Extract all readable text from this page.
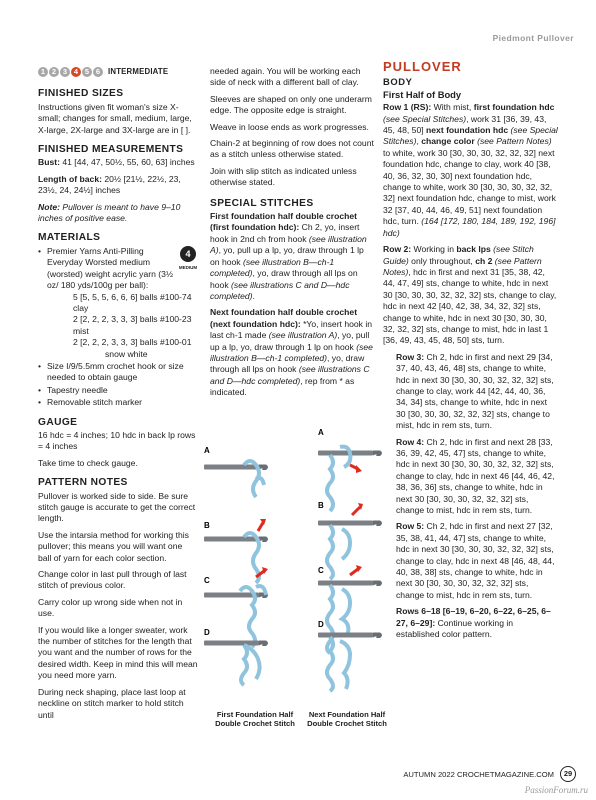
Piedmont Pullover
1 2 3 4 5 6	INTERMEDIATE
FINISHED SIZES

Instructions given fit woman's size X-small; changes for small, medium, large, X-large, 2X-large and 3X-large are in [ ].

FINISHED MEASUREMENTS

Bust: 41 [44, 47, 50½, 55, 60, 63] inches

Length of back: 20½ [21½, 22½, 23, 23½, 24, 24½] inches

Note: Pullover is meant to have 9–10 inches of positive ease.

MATERIALS
4
MEDIUM
• Premier Yarns Anti-Pilling Everyday Worsted medium (worsted) weight acrylic yarn (3½ oz/ 180 yds/100g per ball):
5 [5, 5, 5, 6, 6, 6] balls #100-74 clay
2 [2, 2, 2, 3, 3, 3] balls #100-23 mist
2 [2, 2, 2, 3, 3, 3] balls #100-01
snow white
• Size I/9/5.5mm crochet hook or size needed to obtain gauge
• Tapestry needle
• Removable stitch marker
GAUGE

16 hdc = 4 inches; 10 hdc in back lp rows = 4 inches

Take time to check gauge.

PATTERN NOTES

Pullover is worked side to side. Be sure stitch gauge is accurate to get the correct length.

Use the intarsia method for working this pullover; this means you will want one ball of yarn for each color section.

Change color in last pull through of last stitch of previous color.

Carry color up wrong side when not in use.

If you would like a longer sweater, work the number of stitches for the length that you want and the number of rows for the desired width. Keep in mind this will mean you need more yarn.

During neck shaping, place last loop at neckline on stitch marker to hold stitch until

needed again. You will be working each side of neck with a different ball of clay.

Sleeves are shaped on only one underarm edge. The opposite edge is straight.

Weave in loose ends as work progresses.

Chain-2 at beginning of row does not count as a stitch unless otherwise stated.

Join with slip stitch as indicated unless otherwise stated.

SPECIAL STITCHES

First foundation half double crochet (first foundation hdc): Ch 2, yo, insert hook in 2nd ch from hook (see illustration A), yo, pull up a lp, yo, draw through 1 lp on hook (see illustration B—ch-1 completed), yo, draw through all lps on hook (see illustrations C and D—hdc completed).

Next foundation half double crochet (next foundation hdc): *Yo, insert hook in last ch-1 made (see illustration A), yo, pull up a lp, yo, draw through 1 lp on hook (see illustration B—ch-1 completed), yo, draw through all lps on hook (see illustrations C and D—hdc completed), rep from * as indicated.

A
B
C
D
A
B
C
D
First Foundation Half Double Crochet Stitch
Next Foundation Half Double Crochet Stitch
PULLOVER
BODY
First Half of Body

Row 1 (RS): With mist, first foundation hdc (see Special Stitches), work 31 [36, 39, 43, 45, 48, 50] next foundation hdc (see Special Stitches), change color (see Pattern Notes) to white, work 30 [30, 30, 30, 32, 32, 32] next foundation hdc, change to clay, work 40 [38, 40, 36, 32, 30, 30] next foundation hdc, change to white, work 30 [30, 30, 30, 32, 32, 32] next foundation hdc, change to mist, work 32 [37, 40, 44, 46, 49, 51] next foundation hdc, turn. (164 [172, 180, 184, 189, 192, 196] hdc)

Row 2: Working in back lps (see Stitch Guide) only throughout, ch 2 (see Pattern Notes), hdc in first and next 31 [35, 38, 42, 44, 47, 49] sts, change to white, hdc in next 30 [30, 30, 30, 32, 32, 32] sts, change to clay, hdc in next 42 [40, 42, 38, 34, 32, 32] sts, change to white, hdc in next 30 [30, 30, 30, 32, 32, 32] sts, change to mist, hdc in last 1 [36, 49, 43, 45, 48, 50] sts, turn.

Row 3: Ch 2, hdc in first and next 29 [34, 37, 40, 43, 46, 48] sts, change to white, hdc in next 30 [30, 30, 30, 32, 32, 32] sts, change to clay, work 44 [42, 44, 40, 36, 34, 34] sts, change to white, hdc in next 30 [30, 30, 30, 32, 32, 32] sts, change to mist, hdc in rem sts, turn.

Row 4: Ch 2, hdc in first and next 28 [33, 36, 39, 42, 45, 47] sts, change to white, hdc in next 30 [30, 30, 30, 32, 32, 32] sts, change to clay, hdc in next 46 [44, 46, 42, 38, 36, 36] sts, change to white, hdc in next 30 [30, 30, 30, 32, 32, 32] sts, change to mist, hdc in rem sts, turn.

Row 5: Ch 2, hdc in first and next 27 [32, 35, 38, 41, 44, 47] sts, change to white, hdc in next 30 [30, 30, 30, 32, 32, 32] sts, change to clay, hdc in next 48 [46, 48, 44, 40, 38, 38] sts, change to white, hdc in next 30 [30, 30, 30, 32, 32, 32] sts, change to mist, hdc in rem sts, turn.

Rows 6–18 [6–19, 6–20, 6–22, 6–25, 6–27, 6–29]: Continue working in established color pattern.

AUTUMN 2022 CROCHETMAGAZINE.COM	29
PassionForum.ru
